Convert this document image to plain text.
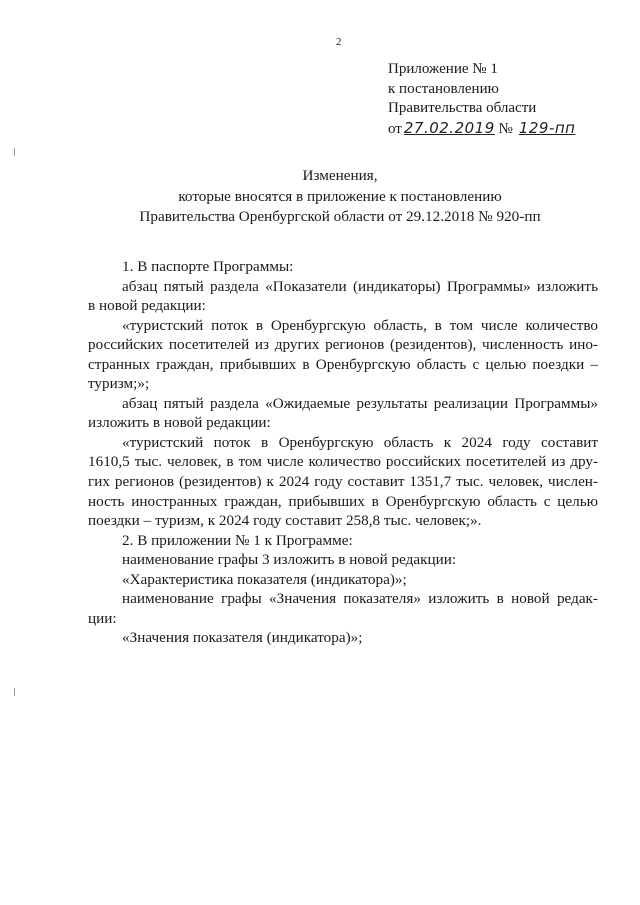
2
Приложение № 1
к постановлению
Правительства области
от 27.02.2019 № 129-пп
Изменения,
которые вносятся в приложение к постановлению
Правительства Оренбургской области от 29.12.2018 № 920-пп

1. В паспорте Программы:

абзац пятый раздела «Показатели (индикаторы) Программы» изложить

в новой редакции:

«туристский поток в Оренбургскую область, в том числе количество

российских посетителей из других регионов (резидентов), численность ино-

странных граждан, прибывших в Оренбургскую область с целью поездки –

туризм;»;

абзац пятый раздела «Ожидаемые результаты реализации Программы»

изложить в новой редакции:

«туристский поток в Оренбургскую область к 2024 году составит

1610,5 тыс. человек, в том числе количество российских посетителей из дру-

гих регионов (резидентов) к 2024 году составит 1351,7 тыс. человек, числен-

ность иностранных граждан, прибывших в Оренбургскую область с целью

поездки – туризм, к 2024 году составит 258,8 тыс. человек;».

2. В приложении № 1 к Программе:

наименование графы 3 изложить в новой редакции:

«Характеристика показателя (индикатора)»;

наименование графы «Значения показателя» изложить в новой редак-

ции:

«Значения показателя (индикатора)»;
